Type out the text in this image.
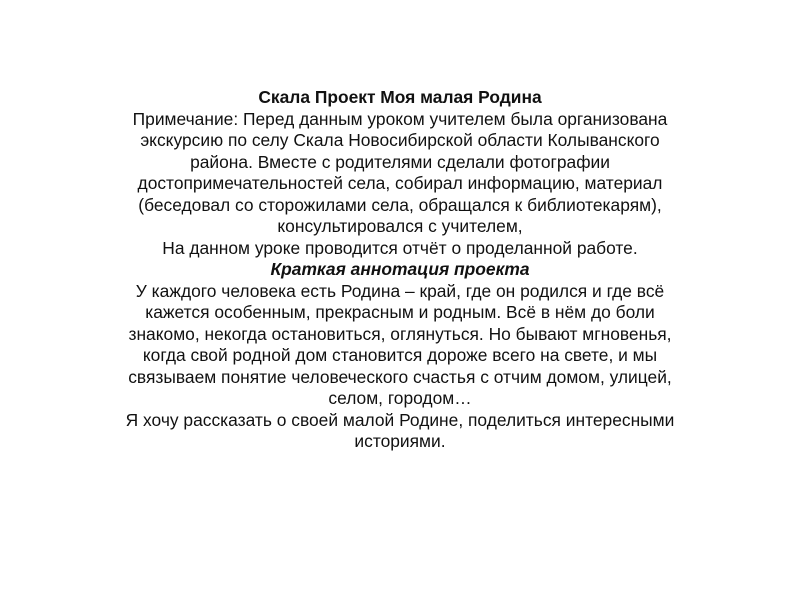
Скала Проект Моя малая Родина
Примечание: Перед данным уроком учителем была организована
экскурсию по селу Скала Новосибирской области Колыванского
района. Вместе с родителями сделали фотографии
достопримечательностей села, собирал информацию, материал
(беседовал со сторожилами села, обращался к библиотекарям),
консультировался с учителем,
На данном уроке проводится отчёт о проделанной работе.
Краткая аннотация проекта
У каждого человека есть Родина – край, где он родился и где всё
кажется особенным, прекрасным и родным. Всё в нём до боли
знакомо, некогда остановиться, оглянуться. Но бывают мгновенья,
когда свой родной дом становится дороже всего на свете, и мы
связываем понятие человеческого счастья с отчим домом, улицей,
селом, городом…
Я хочу рассказать о своей малой Родине, поделиться интересными
историями.
